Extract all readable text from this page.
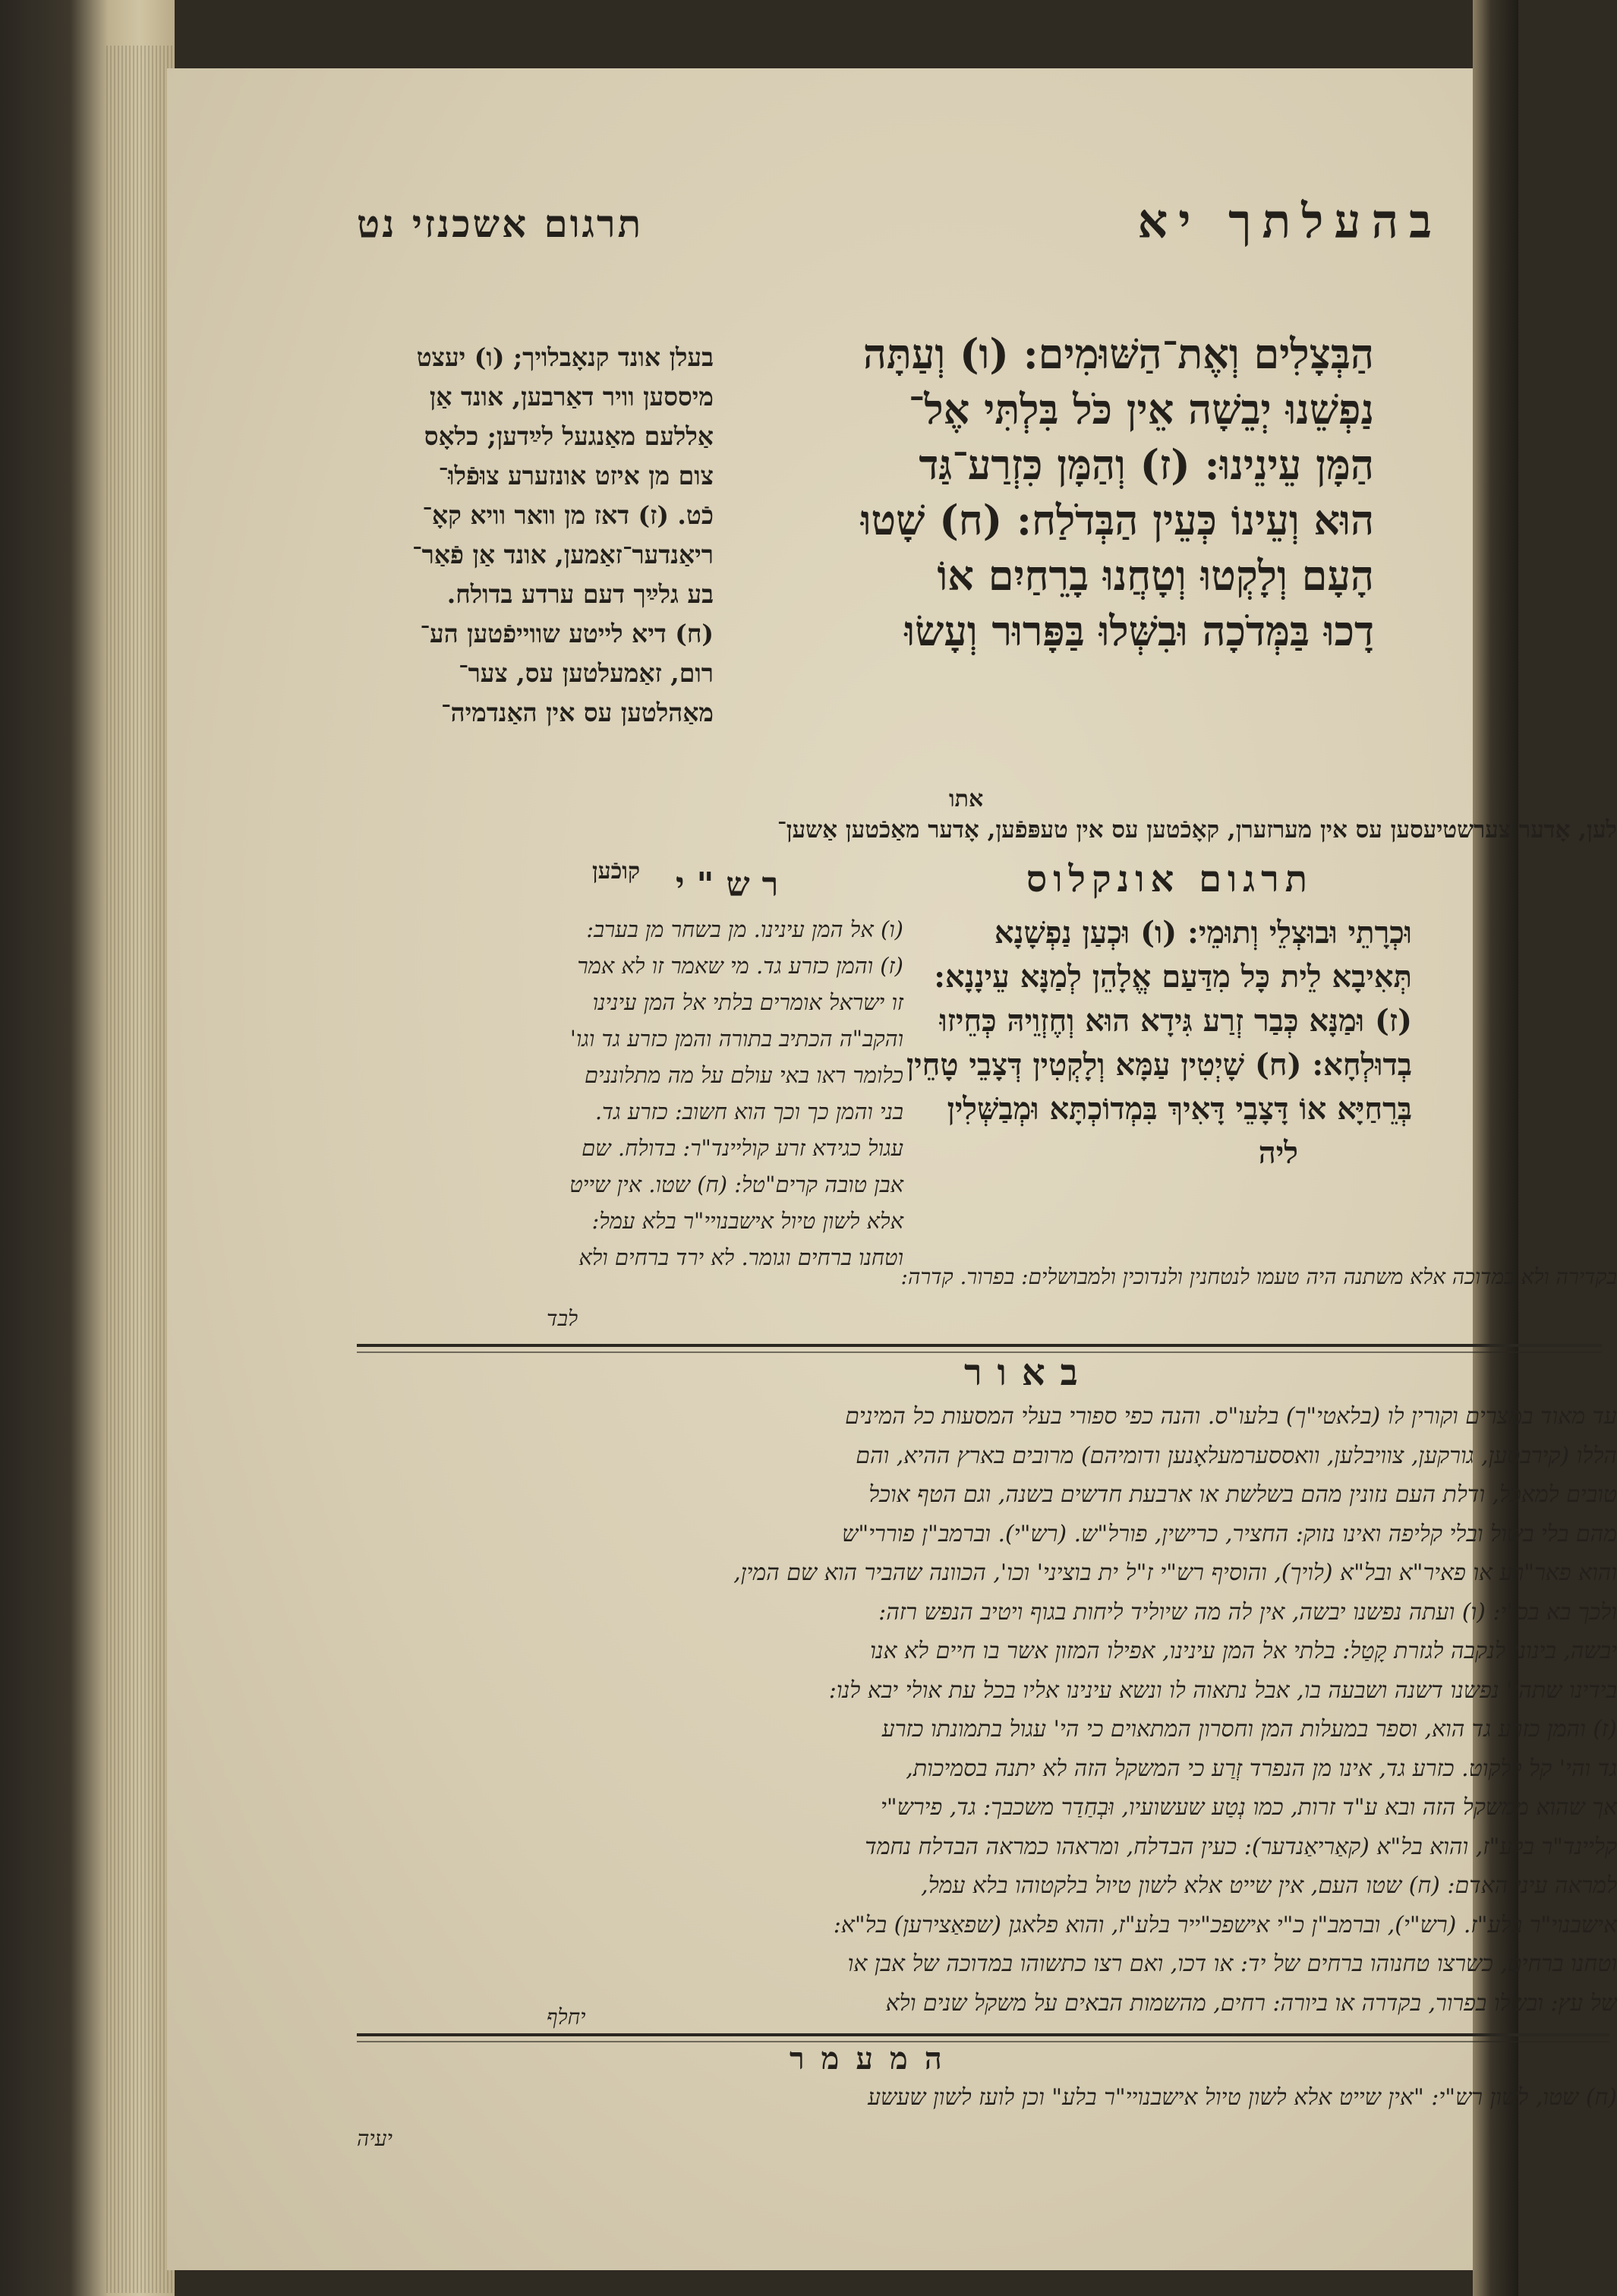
בהעלתך יא
תרגום אשכנזי נט
הַבְּצָלִים וְאֶת־הַשּׁוּמִים: (ו) וְעַתָּה
נַפְשֵׁנוּ יְבֵשָׁה אֵין כֹּל בִּלְתִּי אֶל־
הַמָּן עֵינֵינוּ: (ז) וְהַמָּן כִּזְרַע־גַּד
הוּא וְעֵינוֹ כְּעֵין הַבְּדֹלַח: (ח) שָׁטוּ
הָעָם וְלָקְטוּ וְטָחֲנוּ בָרֵחַיִם אוֹ
דָכוּ בַּמְּדֹכָה וּבִשְּׁלוּ בַּפָּרוּר וְעָשׂוּ
אתו
בעלן אונד קנאָבלויך; (ו) יעצט
מיססען וויר דאַרבען, אונד אַן
אַללעם מאַנגעל לײַדען; כלאָס
צום מן איזט אונזערע צוּפֿלוּ־
כֿט. (ז) דאז מן וואר וויא קאָ־
ריאַנדער־זאַמען, אונד אַן פֿאַר־
בע גלײַך דעם ערדע בדולח.
(ח) דיא לייטע שווייפֿטען הע־
רום, זאַמעלטען עס, צער־
מאַהלטען עס אין האַנדמיה־
לען, אָדער צערשטיעסען עס אין מערזערן, קאָכֿטען עס אין טעפּפֿען, אָדער מאַכֿטען אַשען־
קוכֿען	תרגום אונקלוס
רש"י
וּכְרָתֵי וּבוּצְלֵי וְתוּמֵי: (ו) וּכְעַן נַפְשָׁנָא
תְּאִיבָא לֵית כָּל מִדַּעַם אֱלָהֵן לְמַנָּא עֵינָנָא:
(ז) וּמַנָּא כְּבַר זְרַע גִּידָא הוּא וְחֶזְוֵיהּ כְּחֵיזוּ
בְדוּלְחָא: (ח) שָׁיְטִין עַמָּא וְלָקְטִין דְּצָבֵי טָחֵין
בְּרֵחַיָּא אוֹ דָּצָבֵי דָּאִיךְ בִּמְדוֹכְתָּא וּמְבַשְּׁלִין
ליה
(ו) אל המן עינינו. מן בשחר מן בערב:
(ז) והמן כזרע גד. מי שאמר זו לא אמר
זו ישראל אומרים בלתי אל המן עינינו
והקב"ה הכתיב בתורה והמן כזרע גד וגו'
כלומר ראו באי עולם על מה מתלוננים
בני והמן כך וכך הוא חשוב: כזרע גד.
עגול כגידא זרע קוליינד"ר: בדולח. שם
אבן טובה קרים"טל: (ח) שטו. אין שייט
אלא לשון טיול אישבנויי"ר בלא עמל:
וטחנו ברחים וגומר. לא ירד ברחים ולא
בקדירה ולא במדוכה אלא משתנה היה טעמו לנטחנין ולנדוכין ולמבושלים: בפרור. קדרה:
לבד
באור
עד מאוד במצרים וקורין לו (בלאטי"ך) בלעו"ס. והנה כפי ספורי בעלי המסעות כל המינים
הללו (קירבסען, גורקען, צוויבלען, וואססערמעלאָנען ודומיהם) מרובים בארץ ההיא, והם
טובים למאכל, ודלת העם נזונין מהם בשלשת או ארבעת חדשים בשנה, וגם הטף אוכל
מהם בלי בשול ובלי קליפה ואינו נזוק: החציר, כרישין, פורל"ש. (רש"י). וברמב"ן פוררי"ש
והוא פאר"רע או פאיר"א ובל"א (לויך), והוסיף רש"י ז"ל ית בוציני' וכו', הכוונה שהביר הוא שם המין,
ולכך בא בכ"י: (ו) ועתה נפשנו יבשה, אין לה מה שיוליד ליחות בגוף ויטיב הנפש רזה:
יבשה, בינוני לנקבה לגזרת קָטַל: בלתי אל המן עינינו, אפילו המזון אשר בו חיים לא אנו
בידינו שתהי' נפשנו דשנה ושבעה בו, אבל נתאוה לו ונשא עינינו אליו בכל עת אולי יבא לנו:
(ז) והמן כזרע גד הוא, וספר במעלות המן וחסרון המתאוים כי הי' עגול בתמונתו כזרע
גד והי' קל ללקוט. כזרע גד, אינו מן הנפרד זְרַע כי המשקל הזה לא יתנה בסמיכות,
אך שהוא ממשקל הזה ובא ע"ד זרות, כמו נְטַע שעשועיו, וּבְחַדַר משכבך: גד, פירש"י
קליינד"ר בלע"ז, והוא בל"א (קאַריאַנדער): כעין הבדלח, ומראהו כמראה הבדלח נחמד
למראה עיני האדם: (ח) שטו העם, אין שייט אלא לשון טיול בלקטוהו בלא עמל,
אישבנוי"ר בלע"ז. (רש"י), וברמב"ן כ"י אישפכ"ייר בלע"ז, והוא פלאגן (שפאַצירען) בל"א:
וטחנו ברחים, כשרצו טחנוהו ברחים של יד: או דכו, ואם רצו כתשוהו במדוכה של אבן או
של עץ: ובשלו בפרור, בקדרה או ביורה: רחים, מהשמות הבאים על משקל שנים ולא
יחלף
המעמר
(ח) שטו, לשון רש"י: "אין שייט אלא לשון טיול אישבנויי"ר בלע" וכן לועז לשון שעשע
יעיה
